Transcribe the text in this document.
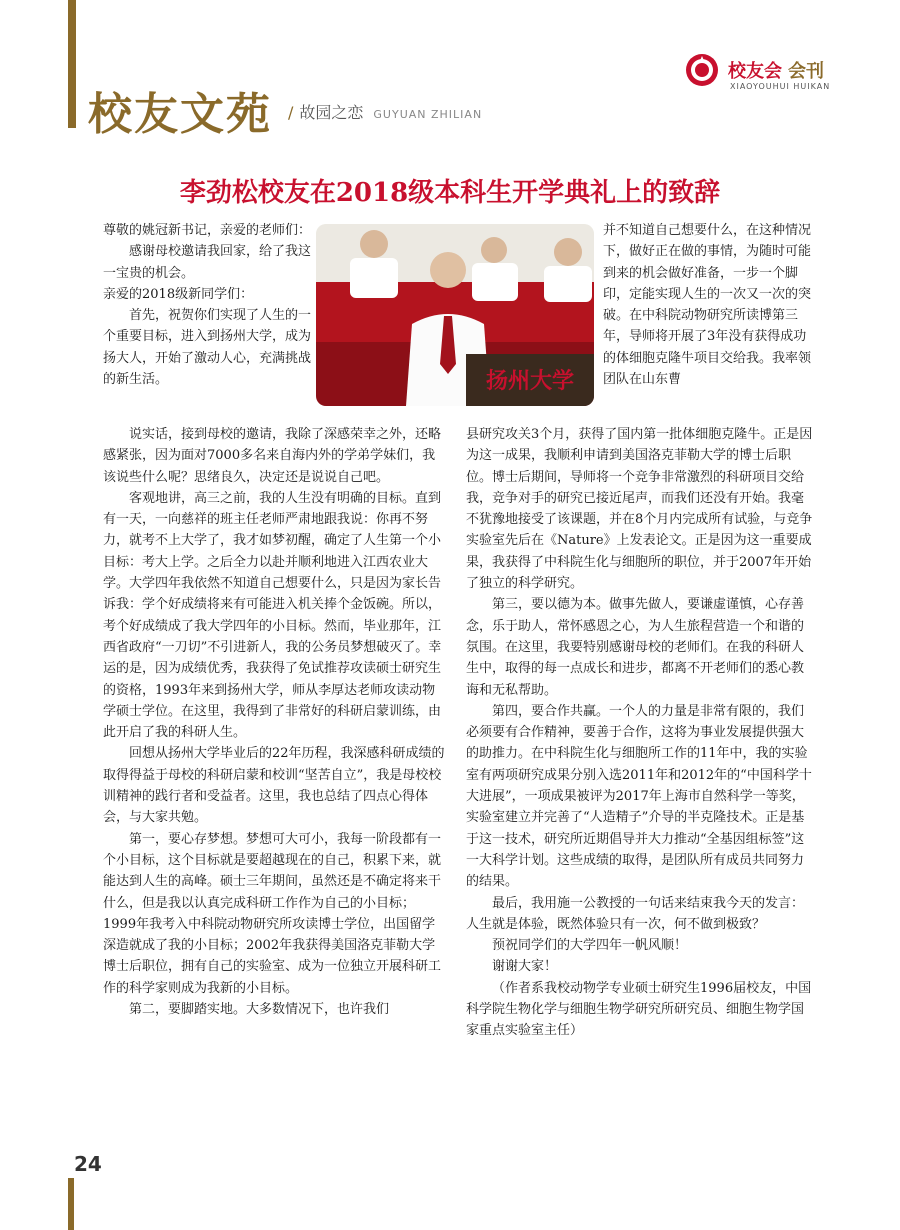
校友文苑 / 故园之恋 GUYUAN ZHILIAN
校友会 会刊
XIAOYOUHUI HUIKAN
李劲松校友在2018级本科生开学典礼上的致辞
扬州大学

尊敬的姚冠新书记，亲爱的老师们：

感谢母校邀请我回家，给了我这一宝贵的机会。

亲爱的2018级新同学们：

首先，祝贺你们实现了人生的一个重要目标，进入到扬州大学，成为扬大人，开始了激动人心，充满挑战的新生活。

说实话，接到母校的邀请，我除了深感荣幸之外，还略感紧张，因为面对7000多名来自海内外的学弟学妹们，我该说些什么呢？思绪良久，决定还是说说自己吧。

客观地讲，高三之前，我的人生没有明确的目标。直到有一天，一向慈祥的班主任老师严肃地跟我说：你再不努力，就考不上大学了，我才如梦初醒，确定了人生第一个小目标：考大上学。之后全力以赴并顺利地进入江西农业大学。大学四年我依然不知道自己想要什么，只是因为家长告诉我：学个好成绩将来有可能进入机关捧个金饭碗。所以，考个好成绩成了我大学四年的小目标。然而，毕业那年，江西省政府“一刀切”不引进新人，我的公务员梦想破灭了。幸运的是，因为成绩优秀，我获得了免试推荐攻读硕士研究生的资格，1993年来到扬州大学，师从李厚达老师攻读动物学硕士学位。在这里，我得到了非常好的科研启蒙训练，由此开启了我的科研人生。

回想从扬州大学毕业后的22年历程，我深感科研成绩的取得得益于母校的科研启蒙和校训“坚苦自立”，我是母校校训精神的践行者和受益者。这里，我也总结了四点心得体会，与大家共勉。

第一，要心存梦想。梦想可大可小，我每一阶段都有一个小目标，这个目标就是要超越现在的自己，积累下来，就能达到人生的高峰。硕士三年期间，虽然还是不确定将来干什么，但是我以认真完成科研工作作为自己的小目标；1999年我考入中科院动物研究所攻读博士学位，出国留学深造就成了我的小目标；2002年我获得美国洛克菲勒大学博士后职位，拥有自己的实验室、成为一位独立开展科研工作的科学家则成为我新的小目标。

第二，要脚踏实地。大多数情况下，也许我们

并不知道自己想要什么，在这种情况下，做好正在做的事情，为随时可能到来的机会做好准备，一步一个脚印，定能实现人生的一次又一次的突破。在中科院动物研究所读博第三年，导师将开展了3年没有获得成功的体细胞克隆牛项目交给我。我率领团队在山东曹

县研究攻关3个月，获得了国内第一批体细胞克隆牛。正是因为这一成果，我顺利申请到美国洛克菲勒大学的博士后职位。博士后期间，导师将一个竞争非常激烈的科研项目交给我，竞争对手的研究已接近尾声，而我们还没有开始。我毫不犹豫地接受了该课题，并在8个月内完成所有试验，与竞争实验室先后在《Nature》上发表论文。正是因为这一重要成果，我获得了中科院生化与细胞所的职位，并于2007年开始了独立的科学研究。

第三，要以德为本。做事先做人，要谦虚谨慎，心存善念，乐于助人，常怀感恩之心，为人生旅程营造一个和谐的氛围。在这里，我要特别感谢母校的老师们。在我的科研人生中，取得的每一点成长和进步，都离不开老师们的悉心教诲和无私帮助。

第四，要合作共赢。一个人的力量是非常有限的，我们必须要有合作精神，要善于合作，这将为事业发展提供强大的助推力。在中科院生化与细胞所工作的11年中，我的实验室有两项研究成果分别入选2011年和2012年的“中国科学十大进展”，一项成果被评为2017年上海市自然科学一等奖，实验室建立并完善了“人造精子”介导的半克隆技术。正是基于这一技术，研究所近期倡导并大力推动“全基因组标签”这一大科学计划。这些成绩的取得，是团队所有成员共同努力的结果。

最后，我用施一公教授的一句话来结束我今天的发言：人生就是体验，既然体验只有一次，何不做到极致？

预祝同学们的大学四年一帆风顺！

谢谢大家！

（作者系我校动物学专业硕士研究生1996届校友，中国科学院生物化学与细胞生物学研究所研究员、细胞生物学国家重点实验室主任）

24
